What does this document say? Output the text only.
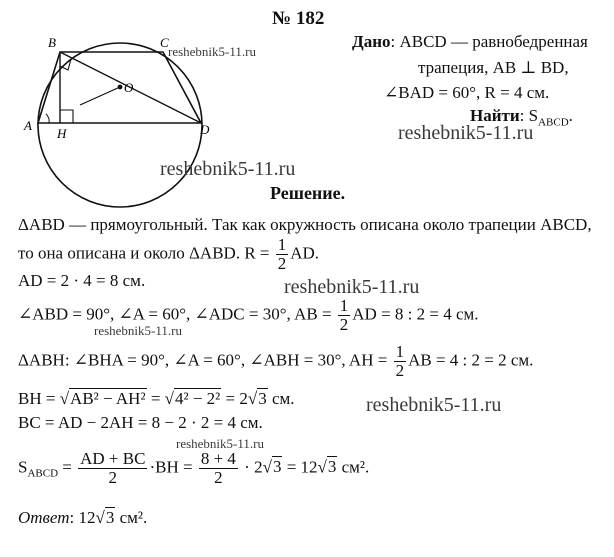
№ 182
B	C
A	D
H
O
Дано: ABCD — равнобедренная
трапеция, AB ⊥ BD,
∠BAD = 60°, R = 4 см.
Найти: $S_{ABCD}$.
Решение.
ΔABD — прямоугольный. Так как окружность описана около трапеции ABCD,
то она описана и около ΔABD. $R = \frac{1}{2}$ AD.
AD = 2 · 4 = 8 см.
∠ABD = 90°, ∠A = 60°, ∠ADC = 30°, AB = $\frac{1}{2}$ AD = 8 : 2 = 4 см.
ΔABH: ∠BHA = 90°, ∠A = 60°, ∠ABH = 30°, AH = $\frac{1}{2}$ AB = 4 : 2 = 2 см.
BH = √AB² − AH² = √4² − 2² = 2√3 см.
BC = AD − 2AH = 8 − 2 · 2 = 4 см.
$S_{ABCD} = \frac{AD + BC}{2} \cdot BH = \frac{8 + 4}{2} \cdot 2√3 = 12√3$ см².
Ответ: 12√3 см².
reshebnik5-11.ru
reshebnik5-11.ru
reshebnik5-11.ru
reshebnik5-11.ru
reshebnik5-11.ru
reshebnik5-11.ru
reshebnik5-11.ru
